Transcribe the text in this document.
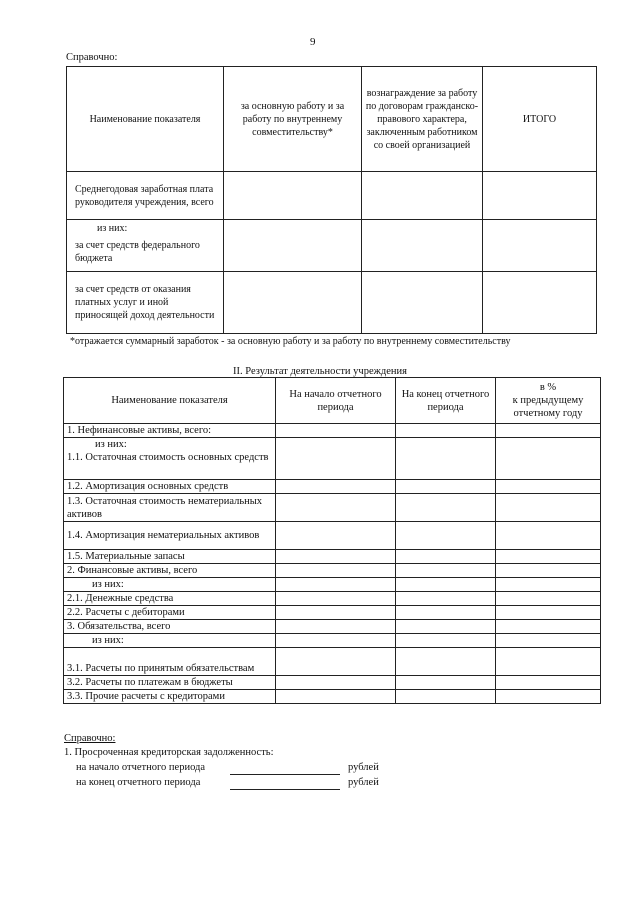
9
Справочно:
Наименование показателя	за основную работу и за работу по внутреннему совместительству*	вознаграждение за работу по договорам гражданско-правового характера, заключенным работником со своей организацией	ИТОГО
Среднегодовая заработная плата руководителя учреждения, всего			

из них:
за счет средств федерального бюджета			

за счет средств от оказания платных услуг и иной приносящей доход деятельности			
*отражается суммарный заработок - за основную работу и за работу по внутреннему совместительству
II. Результат деятельности учреждения
Наименование показателя	На начало отчетного периода	На конец отчетного периода	в %
к предыдущему отчетному году

1. Нефинансовые активы, всего:			

из них:
1.1. Остаточная стоимость основных средств			

1.2. Амортизация основных средств			
1.3. Остаточная стоимость нематериальных активов			
1.4. Амортизация нематериальных активов			
1.5. Материальные запасы			
2. Финансовые активы, всего			
из них:			
2.1. Денежные средства			
2.2. Расчеты с дебиторами			
3. Обязательства, всего			
из них:			
3.1. Расчеты по принятым обязательствам			
3.2. Расчеты по платежам в бюджеты			
3.3. Прочие расчеты с кредиторами			
Справочно:
1. Просроченная кредиторская задолженность:
на начало отчетного периода	рублей
на конец отчетного периода	рублей
